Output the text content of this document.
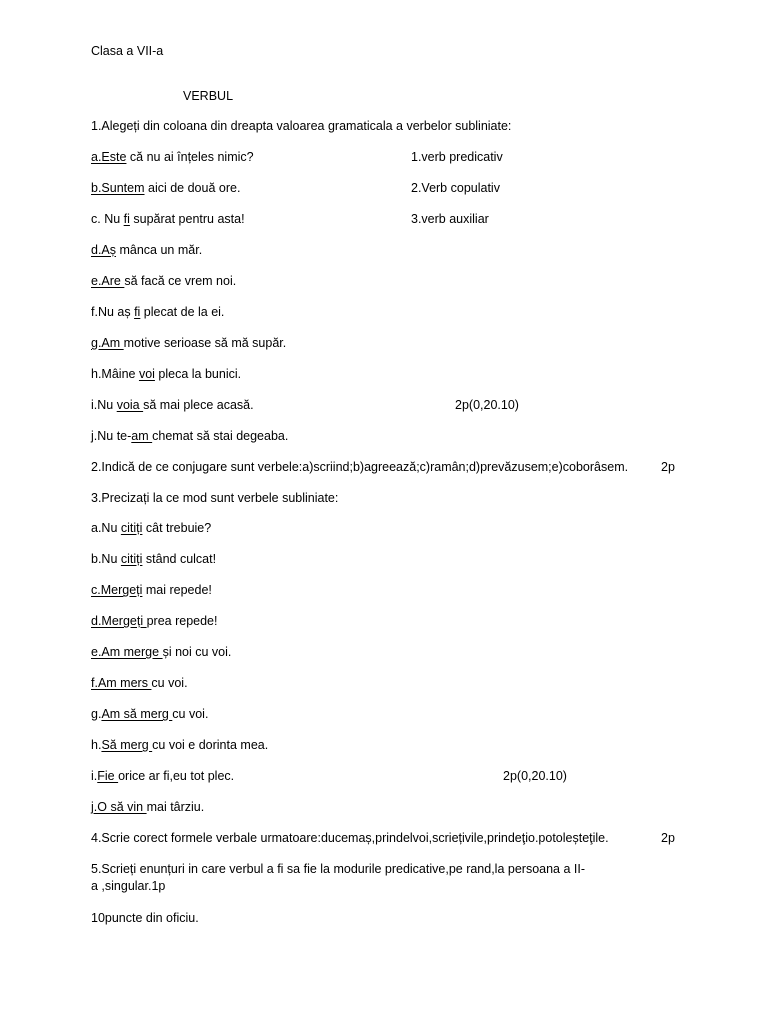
Clasa a VII-a
VERBUL
1.Alegeți din coloana din dreapta valoarea gramaticala a verbelor subliniate:
a.Este că nu ai înțeles nimic?
b.Suntem aici de două ore.
c. Nu fi supărat pentru asta!
d.Aș mânca un măr.
e.Are să facă ce vrem noi.
f.Nu aș fi plecat de la ei.
g.Am motive serioase să mă supăr.
h.Mâine voi pleca la bunici.
i.Nu voia să mai plece acasă.
j.Nu te-am chemat să stai degeaba.
1.verb predicativ
2.Verb copulativ
3.verb auxiliar
2p(0,20.10)
2.Indică de ce conjugare sunt verbele:a)scriind;b)agreează;c)ramân;d)prevăzusem;e)coborâsem.	2p
3.Precizați la ce mod sunt verbele subliniate:
a.Nu citiți cât trebuie?
b.Nu citiți stând culcat!
c.Mergeți mai repede!
d.Mergeți prea repede!
e.Am merge și noi cu voi.
f.Am mers cu voi.
g.Am să merg cu voi.
h.Să merg cu voi e dorinta mea.
i.Fie orice ar fi,eu tot plec.
j.O să vin mai târziu.
2p(0,20.10)
4.Scrie corect formele verbale urmatoare:ducemaș,prindelvoi,scriețivile,prindeţio.potoleșteţile.	2p
5.Scrieți enunțuri in care verbul a fi sa fie la modurile predicative,pe rand,la persoana a II-
a ,singular.1p
10puncte din oficiu.
